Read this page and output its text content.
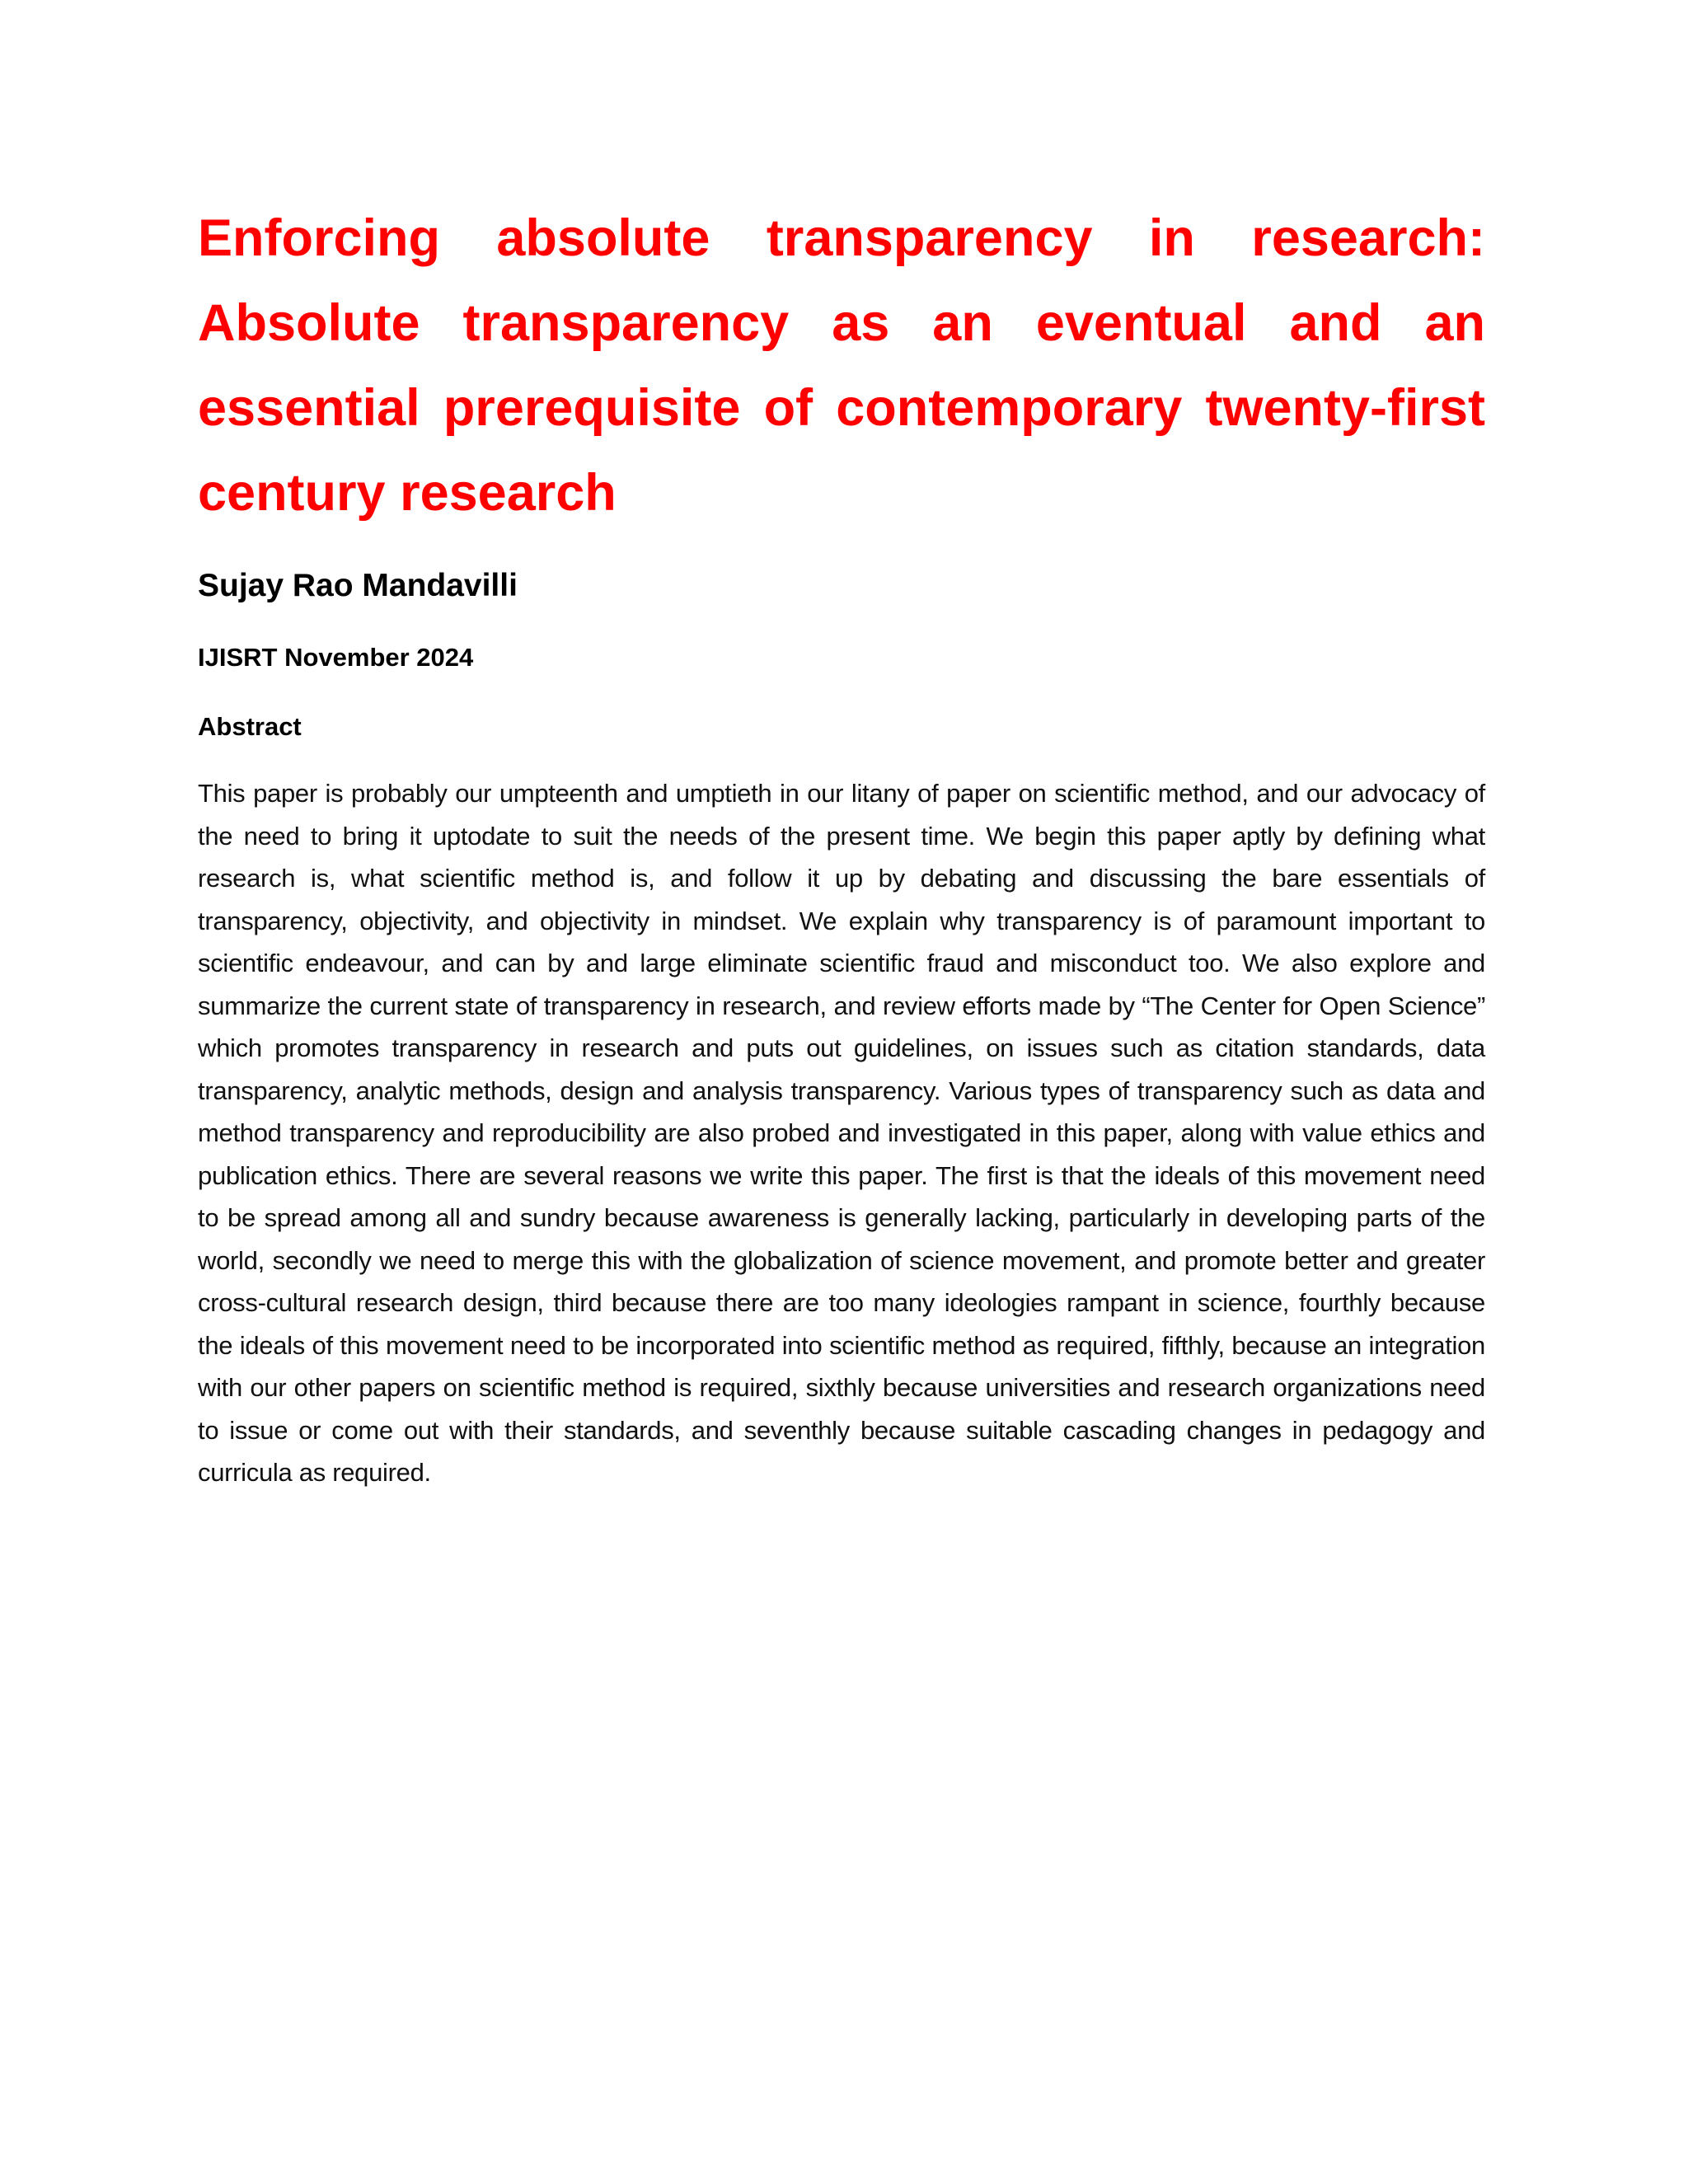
Enforcing absolute transparency in research: Absolute transparency as an eventual and an essential prerequisite of contemporary twenty-first century research
Sujay Rao Mandavilli
IJISRT November 2024
Abstract

This paper is probably our umpteenth and umptieth in our litany of paper on scientific method, and our advocacy of the need to bring it uptodate to suit the needs of the present time. We begin this paper aptly by defining what research is, what scientific method is, and follow it up by debating and discussing the bare essentials of transparency, objectivity, and objectivity in mindset. We explain why transparency is of paramount important to scientific endeavour, and can by and large eliminate scientific fraud and misconduct too. We also explore and summarize the current state of transparency in research, and review efforts made by “The Center for Open Science” which promotes transparency in research and puts out guidelines, on issues such as citation standards, data transparency, analytic methods, design and analysis transparency. Various types of transparency such as data and method transparency and reproducibility are also probed and investigated in this paper, along with value ethics and publication ethics. There are several reasons we write this paper. The first is that the ideals of this movement need to be spread among all and sundry because awareness is generally lacking, particularly in developing parts of the world, secondly we need to merge this with the globalization of science movement, and promote better and greater cross-cultural research design, third because there are too many ideologies rampant in science, fourthly because the ideals of this movement need to be incorporated into scientific method as required, fifthly, because an integration with our other papers on scientific method is required, sixthly because universities and research organizations need to issue or come out with their standards, and seventhly because suitable cascading changes in pedagogy and curricula as required.
